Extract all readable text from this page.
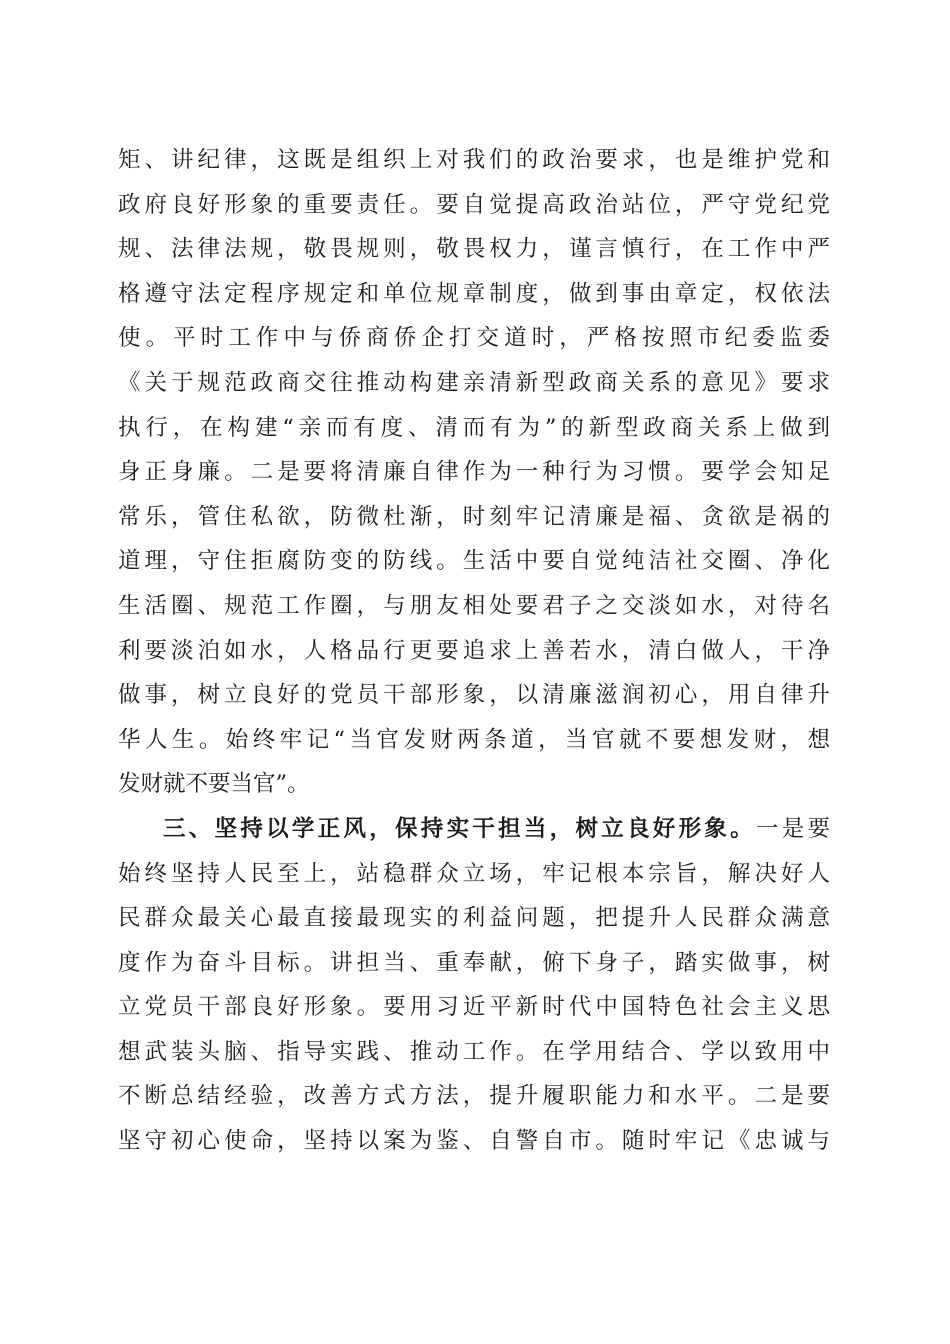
矩、讲纪律，这既是组织上对我们的政治要求，也是维护党和
政府良好形象的重要责任。要自觉提高政治站位，严守党纪党
规、法律法规，敬畏规则，敬畏权力，谨言慎行，在工作中严
格遵守法定程序规定和单位规章制度，做到事由章定，权依法
使。平时工作中与侨商侨企打交道时，严格按照市纪委监委
《关于规范政商交往推动构建亲清新型政商关系的意见》要求
执行，在构建“亲而有度、清而有为”的新型政商关系上做到
身正身廉。二是要将清廉自律作为一种行为习惯。要学会知足
常乐，管住私欲，防微杜渐，时刻牢记清廉是福、贪欲是祸的
道理，守住拒腐防变的防线。生活中要自觉纯洁社交圈、净化
生活圈、规范工作圈，与朋友相处要君子之交淡如水，对待名
利要淡泊如水，人格品行更要追求上善若水，清白做人，干净
做事，树立良好的党员干部形象，以清廉滋润初心，用自律升
华人生。始终牢记“当官发财两条道，当官就不要想发财，想
发财就不要当官”。
三、坚持以学正风，保持实干担当，树立良好形象。一是要
始终坚持人民至上，站稳群众立场，牢记根本宗旨，解决好人
民群众最关心最直接最现实的利益问题，把提升人民群众满意
度作为奋斗目标。讲担当、重奉献，俯下身子，踏实做事，树
立党员干部良好形象。要用习近平新时代中国特色社会主义思
想武装头脑、指导实践、推动工作。在学用结合、学以致用中
不断总结经验，改善方式方法，提升履职能力和水平。二是要
坚守初心使命，坚持以案为鉴、自警自市。随时牢记《忠诚与
